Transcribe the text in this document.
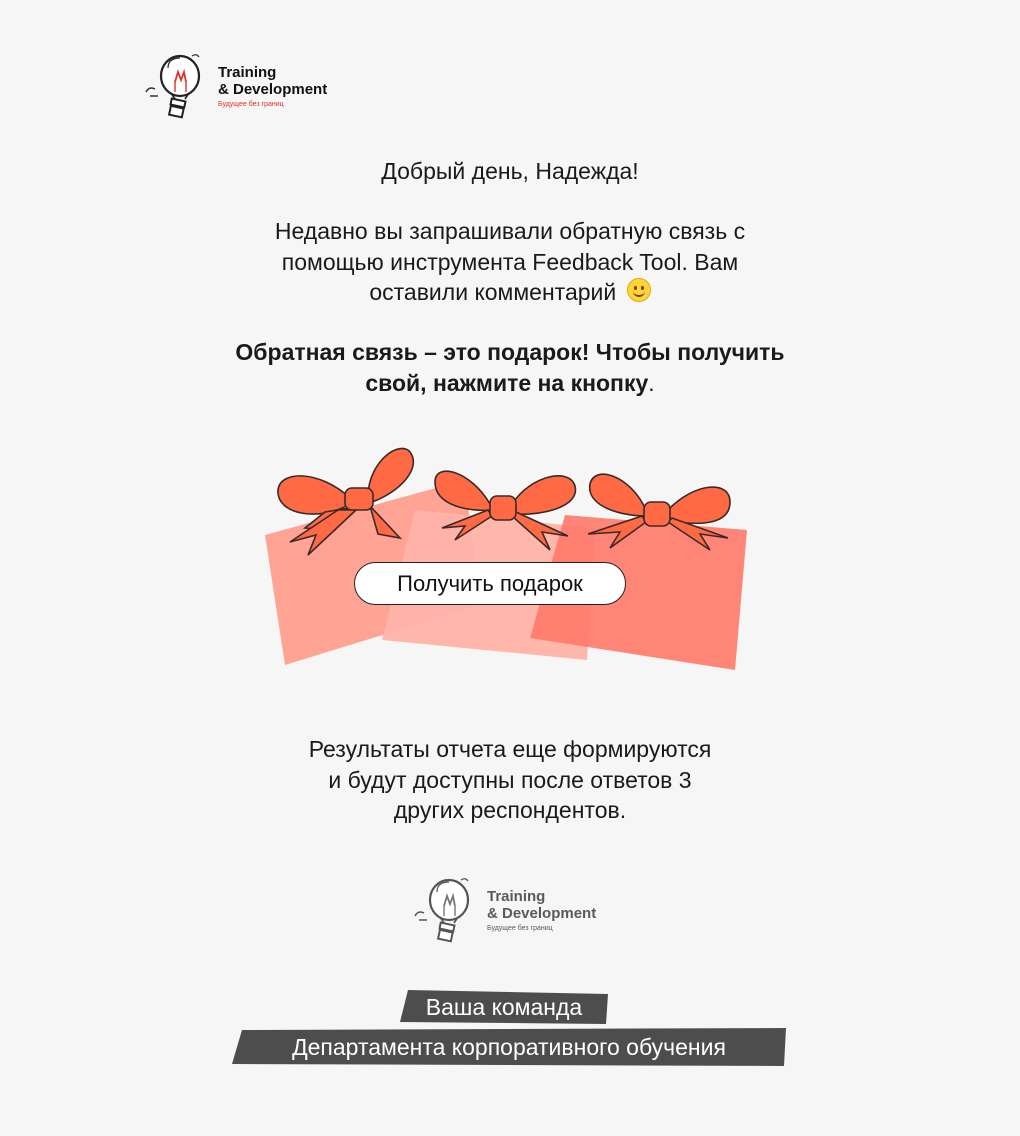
Training
& Development
Будущее без границ
Добрый день, Надежда!
Недавно вы запрашивали обратную связь с
помощью инструмента Feedback Tool. Вам
оставили комментарий
Обратная связь – это подарок! Чтобы получить
свой, нажмите на кнопку.
Получить подарок
Результаты отчета еще формируются
и будут доступны после ответов 3
других респондентов.
Training
& Development
Будущее без границ
Ваша команда
Департамента корпоративного обучения
